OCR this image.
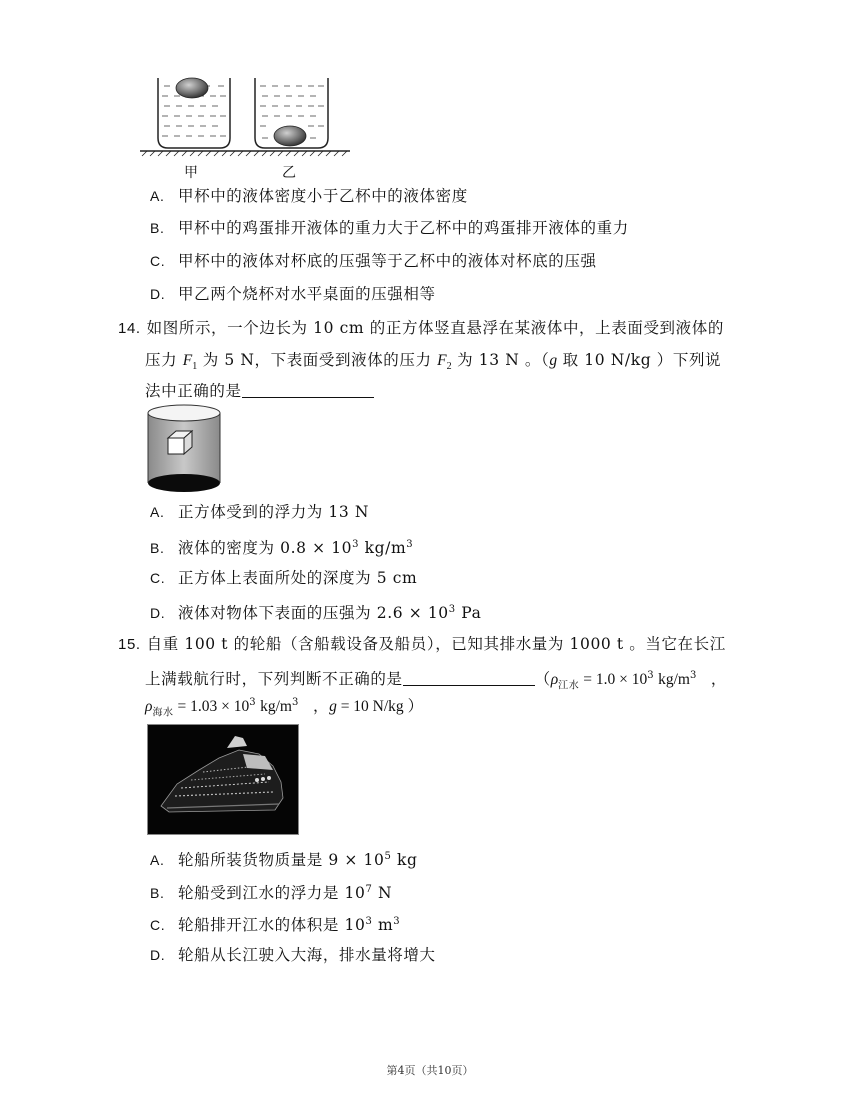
甲	乙
A. 甲杯中的液体密度小于乙杯中的液体密度
B. 甲杯中的鸡蛋排开液体的重力大于乙杯中的鸡蛋排开液体的重力
C. 甲杯中的液体对杯底的压强等于乙杯中的液体对杯底的压强
D. 甲乙两个烧杯对水平桌面的压强相等
14. 如图所示，一个边长为 10 cm 的正方体竖直悬浮在某液体中，上表面受到液体的
压力 $F_1$ 为 5 N，下表面受到液体的压力 $F_2$ 为 13 N 。（g 取 10 N/kg ）下列说
法中正确的是
A. 正方体受到的浮力为 13 N
B. 液体的密度为 $0.8 \times 10^3$ $kg/m^3$
C. 正方体上表面所处的深度为 5 cm
D. 液体对物体下表面的压强为 $2.6 \times 10^3$ Pa
15. 自重 100 t 的轮船（含船载设备及船员），已知其排水量为 1000 t 。当它在长江
上满载航行时，下列判断不正确的是	（$\rho_{江水} = 1.0 \times 10^3$ $kg/m^3$ ，
$\rho_{海水} = 1.03 \times 10^3$ $kg/m^3$ ，g = 10 N/kg ）
A. 轮船所装货物质量是 $9 \times 10^5$ kg
B. 轮船受到江水的浮力是 $10^7$ N
C. 轮船排开江水的体积是 $10^3$ $m^3$
D. 轮船从长江驶入大海，排水量将增大
第4页（共10页）
